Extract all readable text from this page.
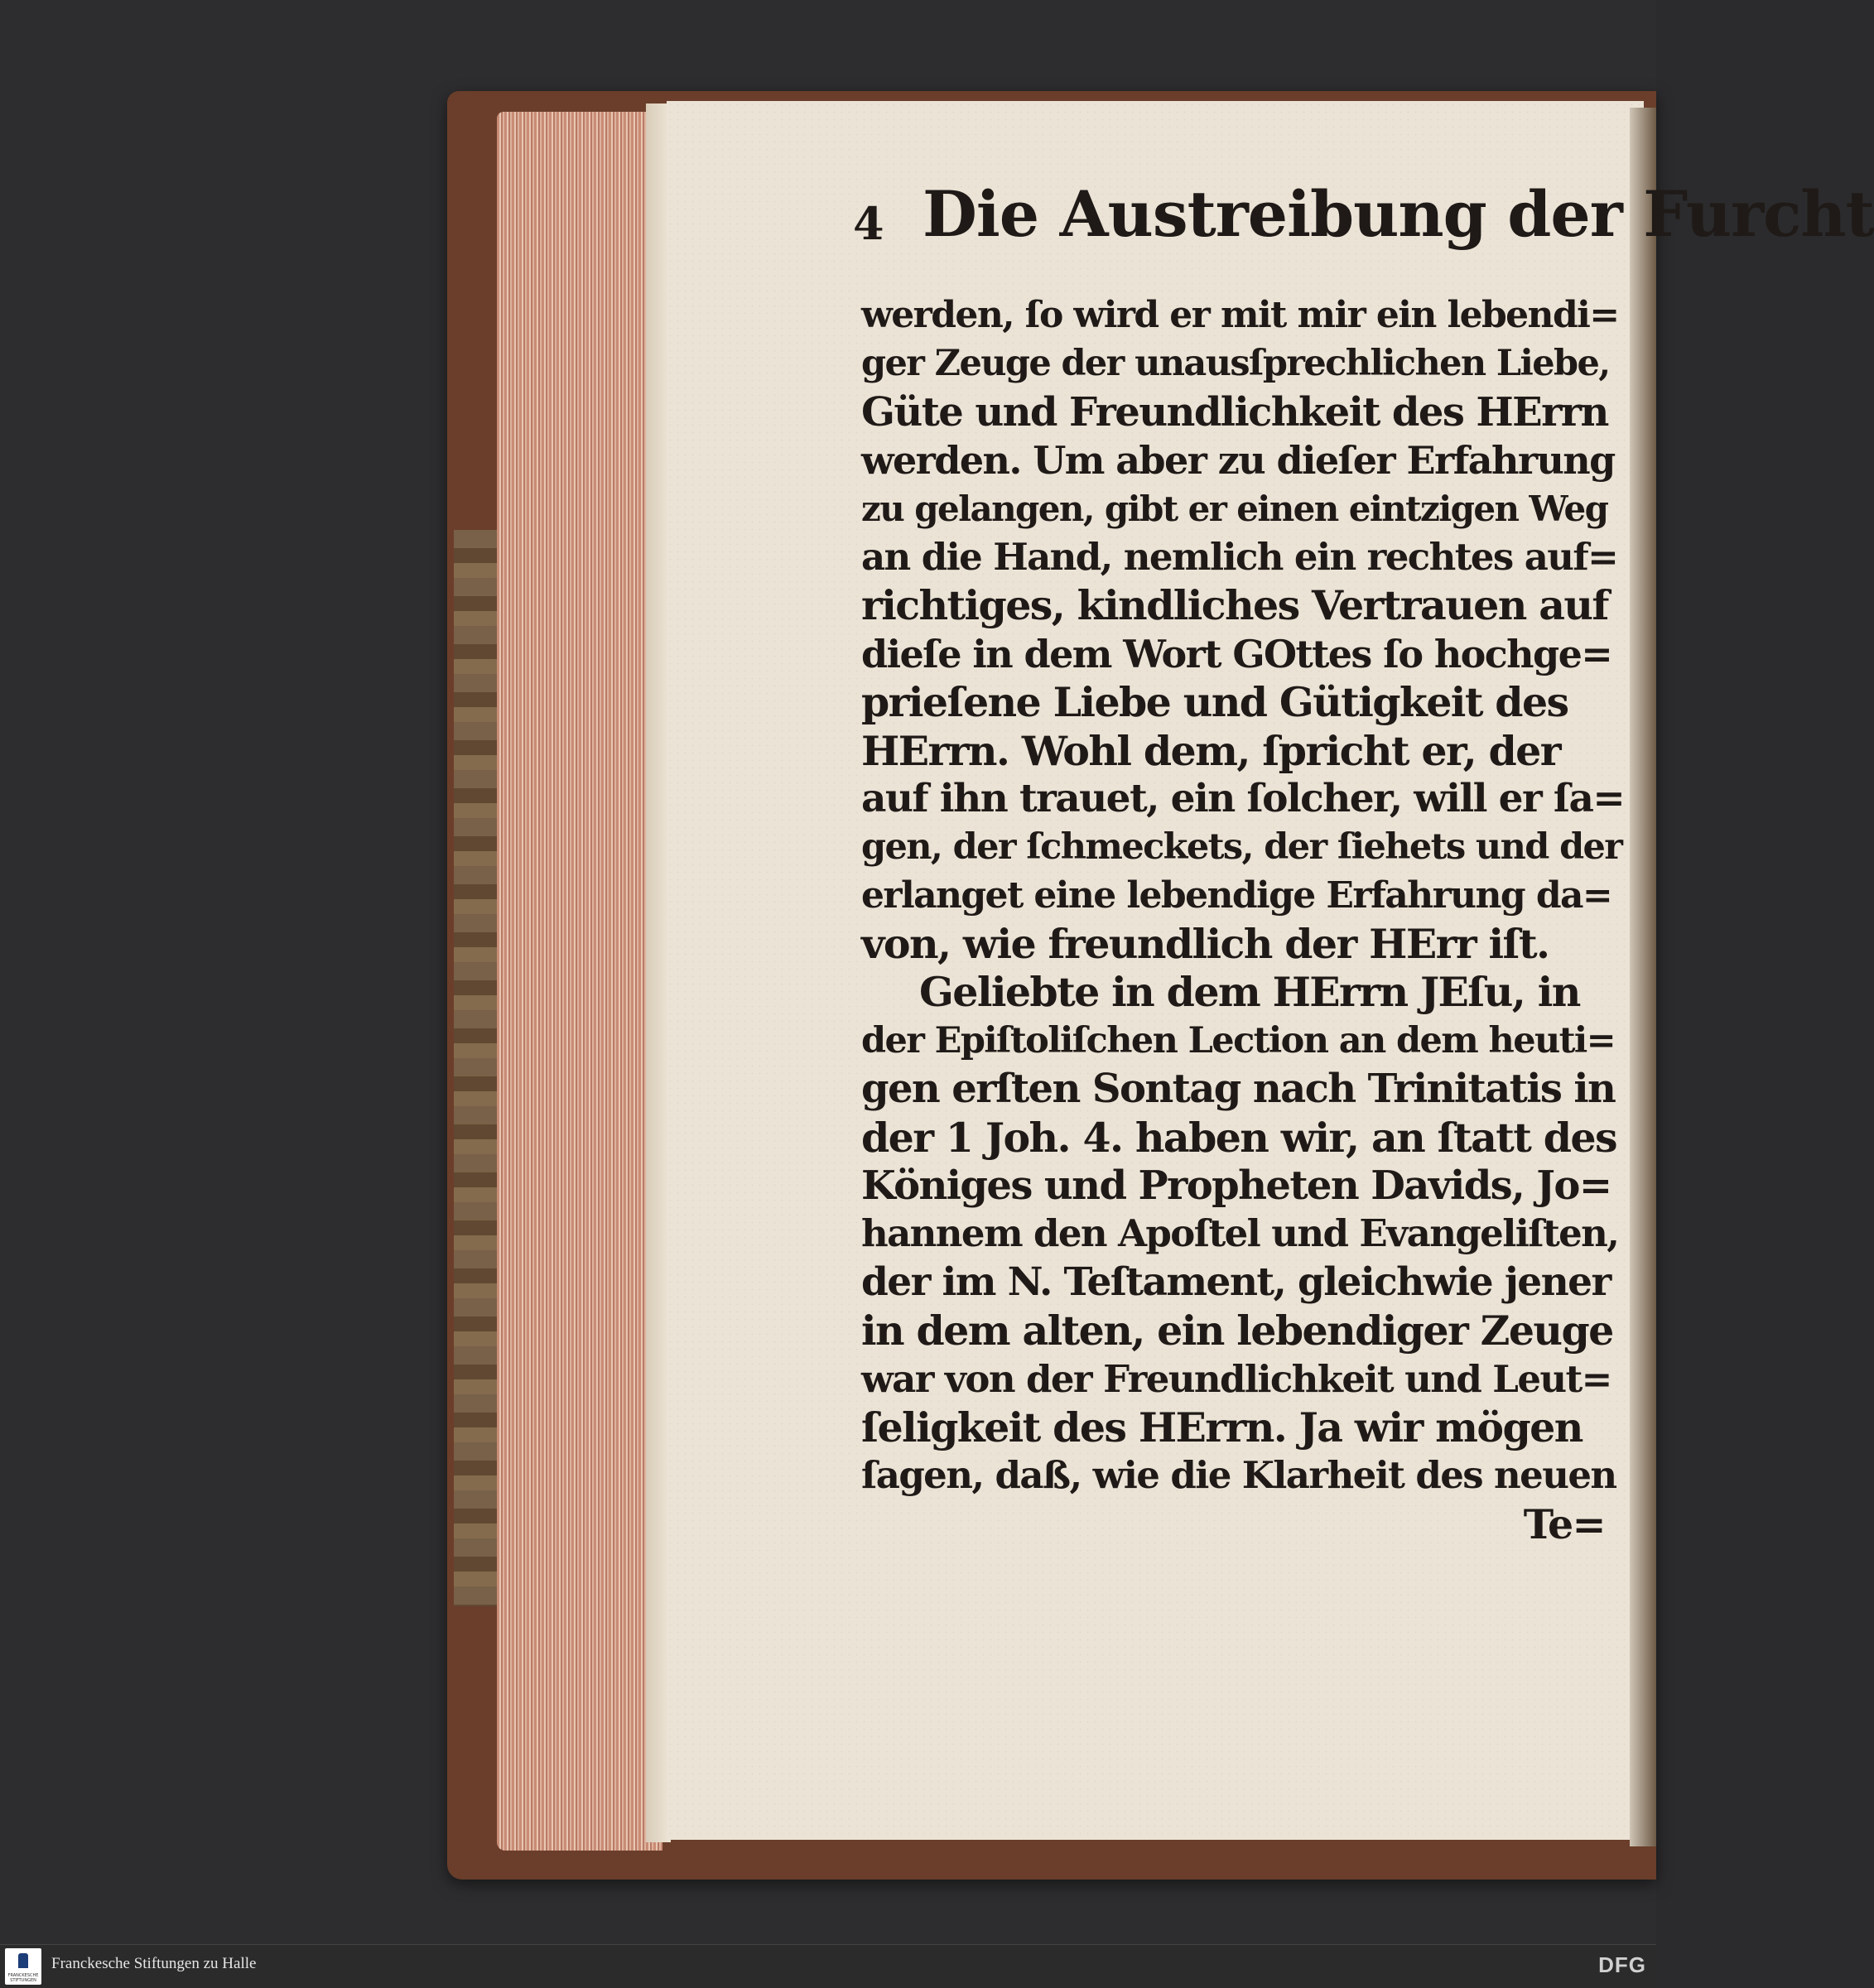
4 Die Austreibung der Furcht
werden, ſo wird er mit mir ein lebendi=
ger Zeuge der unausſprechlichen Liebe,
Güte und Freundlichkeit des HErrn
werden. Um aber zu dieſer Erfahrung
zu gelangen, gibt er einen eintzigen Weg
an die Hand, nemlich ein rechtes auf=
richtiges, kindliches Vertrauen auf
dieſe in dem Wort GOttes ſo hochge=
prieſene Liebe und Gütigkeit des
HErrn. Wohl dem, ſpricht er, der
auf ihn trauet, ein ſolcher, will er ſa=
gen, der ſchmeckets, der ſiehets und der
erlanget eine lebendige Erfahrung da=
von, wie freundlich der HErr iſt.
Geliebte in dem HErrn JEſu, in
der Epiſtoliſchen Lection an dem heuti=
gen erſten Sontag nach Trinitatis in
der 1 Joh. 4. haben wir, an ſtatt des
Königes und Propheten Davids, Jo=
hannem den Apoſtel und Evangeliſten,
der im N. Teſtament, gleichwie jener
in dem alten, ein lebendiger Zeuge
war von der Freundlichkeit und Leut=
ſeligkeit des HErrn. Ja wir mögen
ſagen, daß, wie die Klarheit des neuen
Te=
FRANCKESCHE STIFTUNGEN
Franckesche Stiftungen zu Halle	DFG
